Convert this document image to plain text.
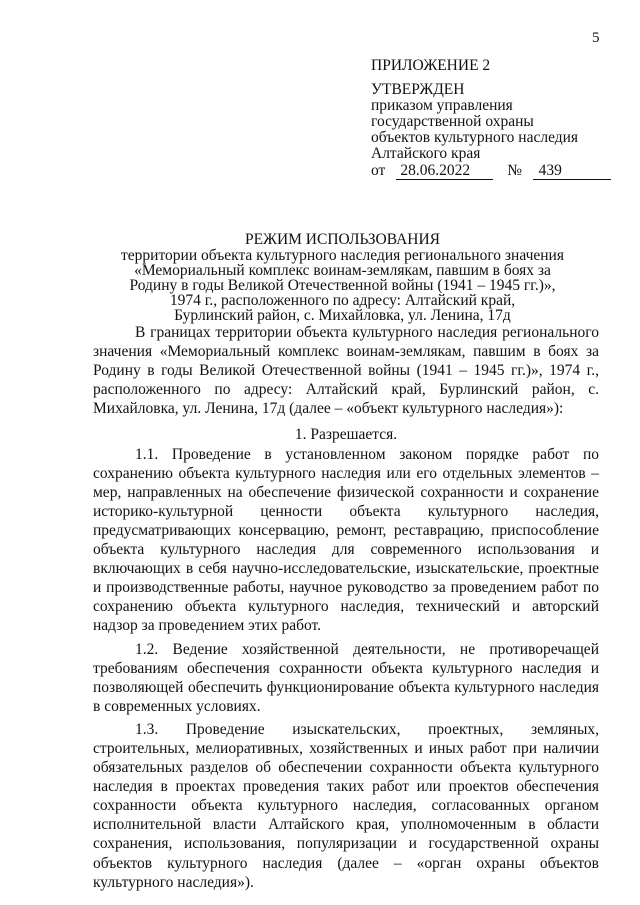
5
ПРИЛОЖЕНИЕ 2
УТВЕРЖДЕН
приказом управления
государственной охраны
объектов культурного наследия
Алтайского края
от 28.06.2022	№	439
РЕЖИМ ИСПОЛЬЗОВАНИЯ
территории объекта культурного наследия регионального значения
«Мемориальный комплекс воинам-землякам, павшим в боях за
Родину в годы Великой Отечественной войны (1941 – 1945 гг.)»,
1974 г., расположенного по адресу: Алтайский край,
Бурлинский район, с. Михайловка, ул. Ленина, 17д

В границах территории объекта культурного наследия регионального значения «Мемориальный комплекс воинам-землякам, павшим в боях за Родину в годы Великой Отечественной войны (1941 – 1945 гг.)», 1974 г., расположенного по адресу: Алтайский край, Бурлинский район, с. Михайловка, ул. Ленина, 17д (далее – «объект культурного наследия»):

1. Разрешается.

1.1. Проведение в установленном законом порядке работ по сохранению объекта культурного наследия или его отдельных элементов – мер, направленных на обеспечение физической сохранности и сохранение историко-культурной ценности объекта культурного наследия, предусматривающих консервацию, ремонт, реставрацию, приспособление объекта культурного наследия для современного использования и включающих в себя научно-исследовательские, изыскательские, проектные и производственные работы, научное руководство за проведением работ по сохранению объекта культурного наследия, технический и авторский надзор за проведением этих работ.

1.2. Ведение хозяйственной деятельности, не противоречащей требованиям обеспечения сохранности объекта культурного наследия и позволяющей обеспечить функционирование объекта культурного наследия в современных условиях.

1.3. Проведение изыскательских, проектных, земляных, строительных, мелиоративных, хозяйственных и иных работ при наличии обязательных разделов об обеспечении сохранности объекта культурного наследия в проектах проведения таких работ или проектов обеспечения сохранности объекта культурного наследия, согласованных органом исполнительной власти Алтайского края, уполномоченным в области сохранения, использования, популяризации и государственной охраны объектов культурного наследия (далее – «орган охраны объектов культурного наследия»).
